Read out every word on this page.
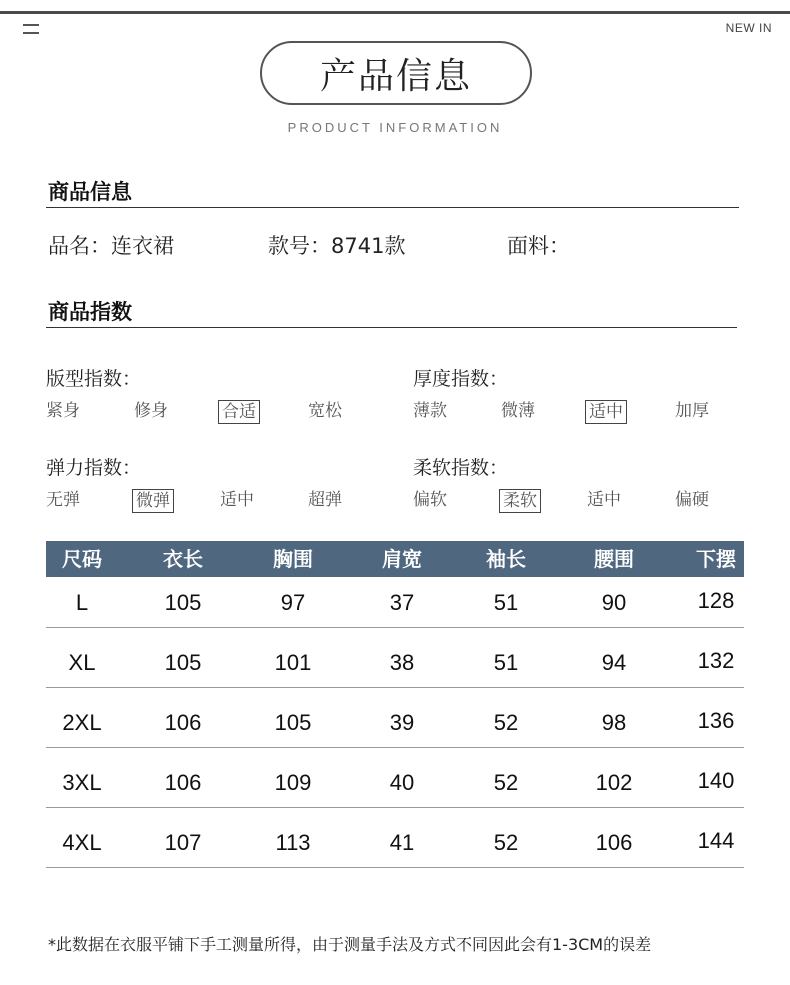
NEW IN
产品信息
PRODUCT INFORMATION
商品信息
品名：连衣裙	款号：8741款	面料：
商品指数
版型指数：
紧身	修身	合适	宽松
厚度指数：
薄款	微薄	适中	加厚
弹力指数：
无弹	微弹	适中	超弹
柔软指数：
偏软	柔软	适中	偏硬
尺码	衣长	胸围	肩宽	袖长	腰围	下摆
L	105	97	37	51	90	128
XL	105	101	38	51	94	132
2XL	106	105	39	52	98	136
3XL	106	109	40	52	102	140
4XL	107	113	41	52	106	144
*此数据在衣服平铺下手工测量所得，由于测量手法及方式不同因此会有1-3CM的误差
